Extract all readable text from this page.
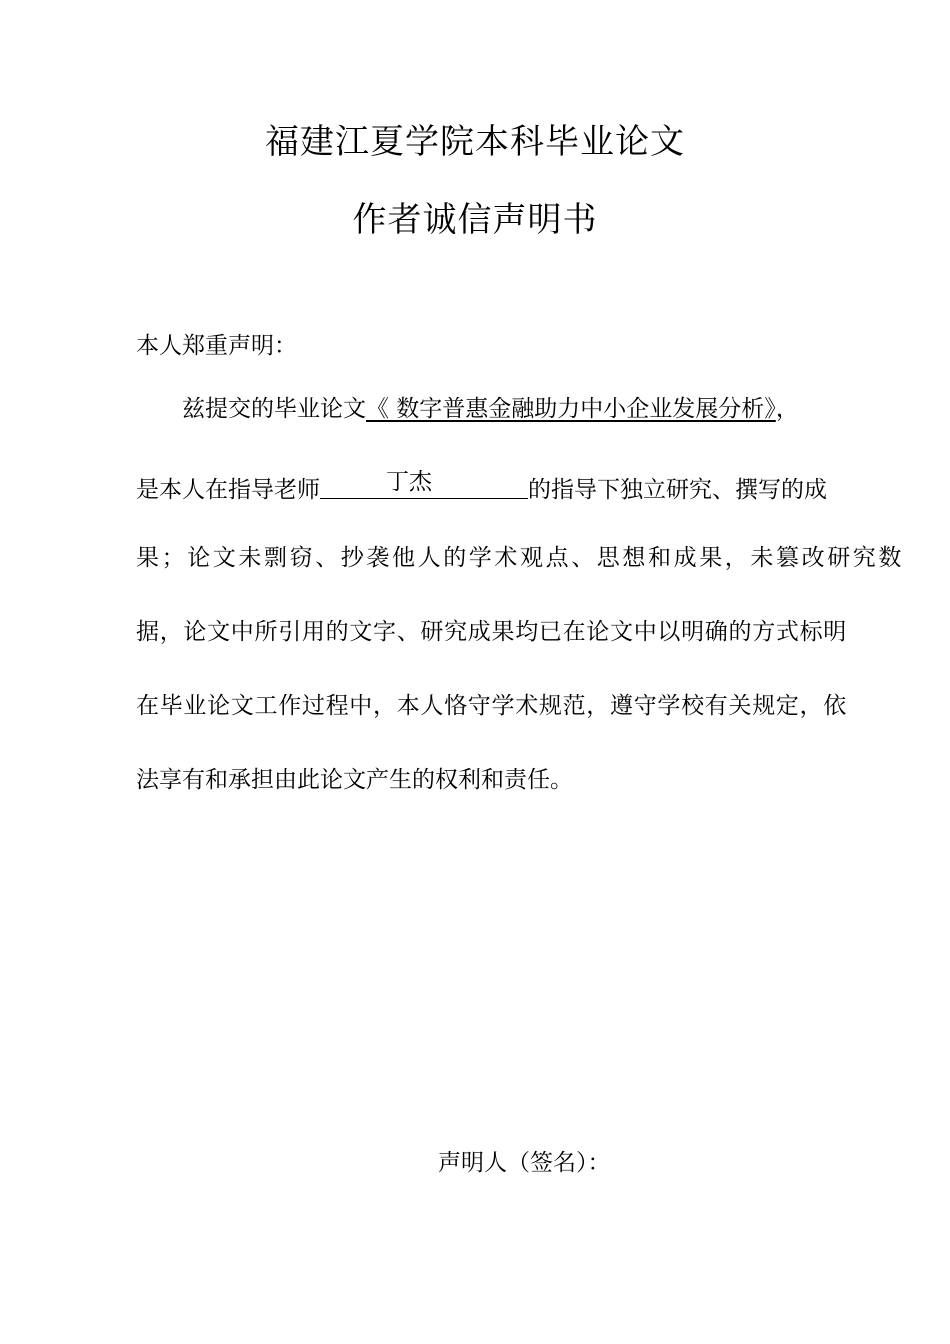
福建江夏学院本科毕业论文
作者诚信声明书
本人郑重声明：
兹提交的毕业论文《 数字普惠金融助力中小企业发展分析》，
是本人在指导老师	丁杰	的指导下独立研究、撰写的成
果；论文未剽窃、抄袭他人的学术观点、思想和成果，未篡改研究数
据，论文中所引用的文字、研究成果均已在论文中以明确的方式标明
在毕业论文工作过程中，本人恪守学术规范，遵守学校有关规定，依
法享有和承担由此论文产生的权利和责任。
声明人（签名）：
